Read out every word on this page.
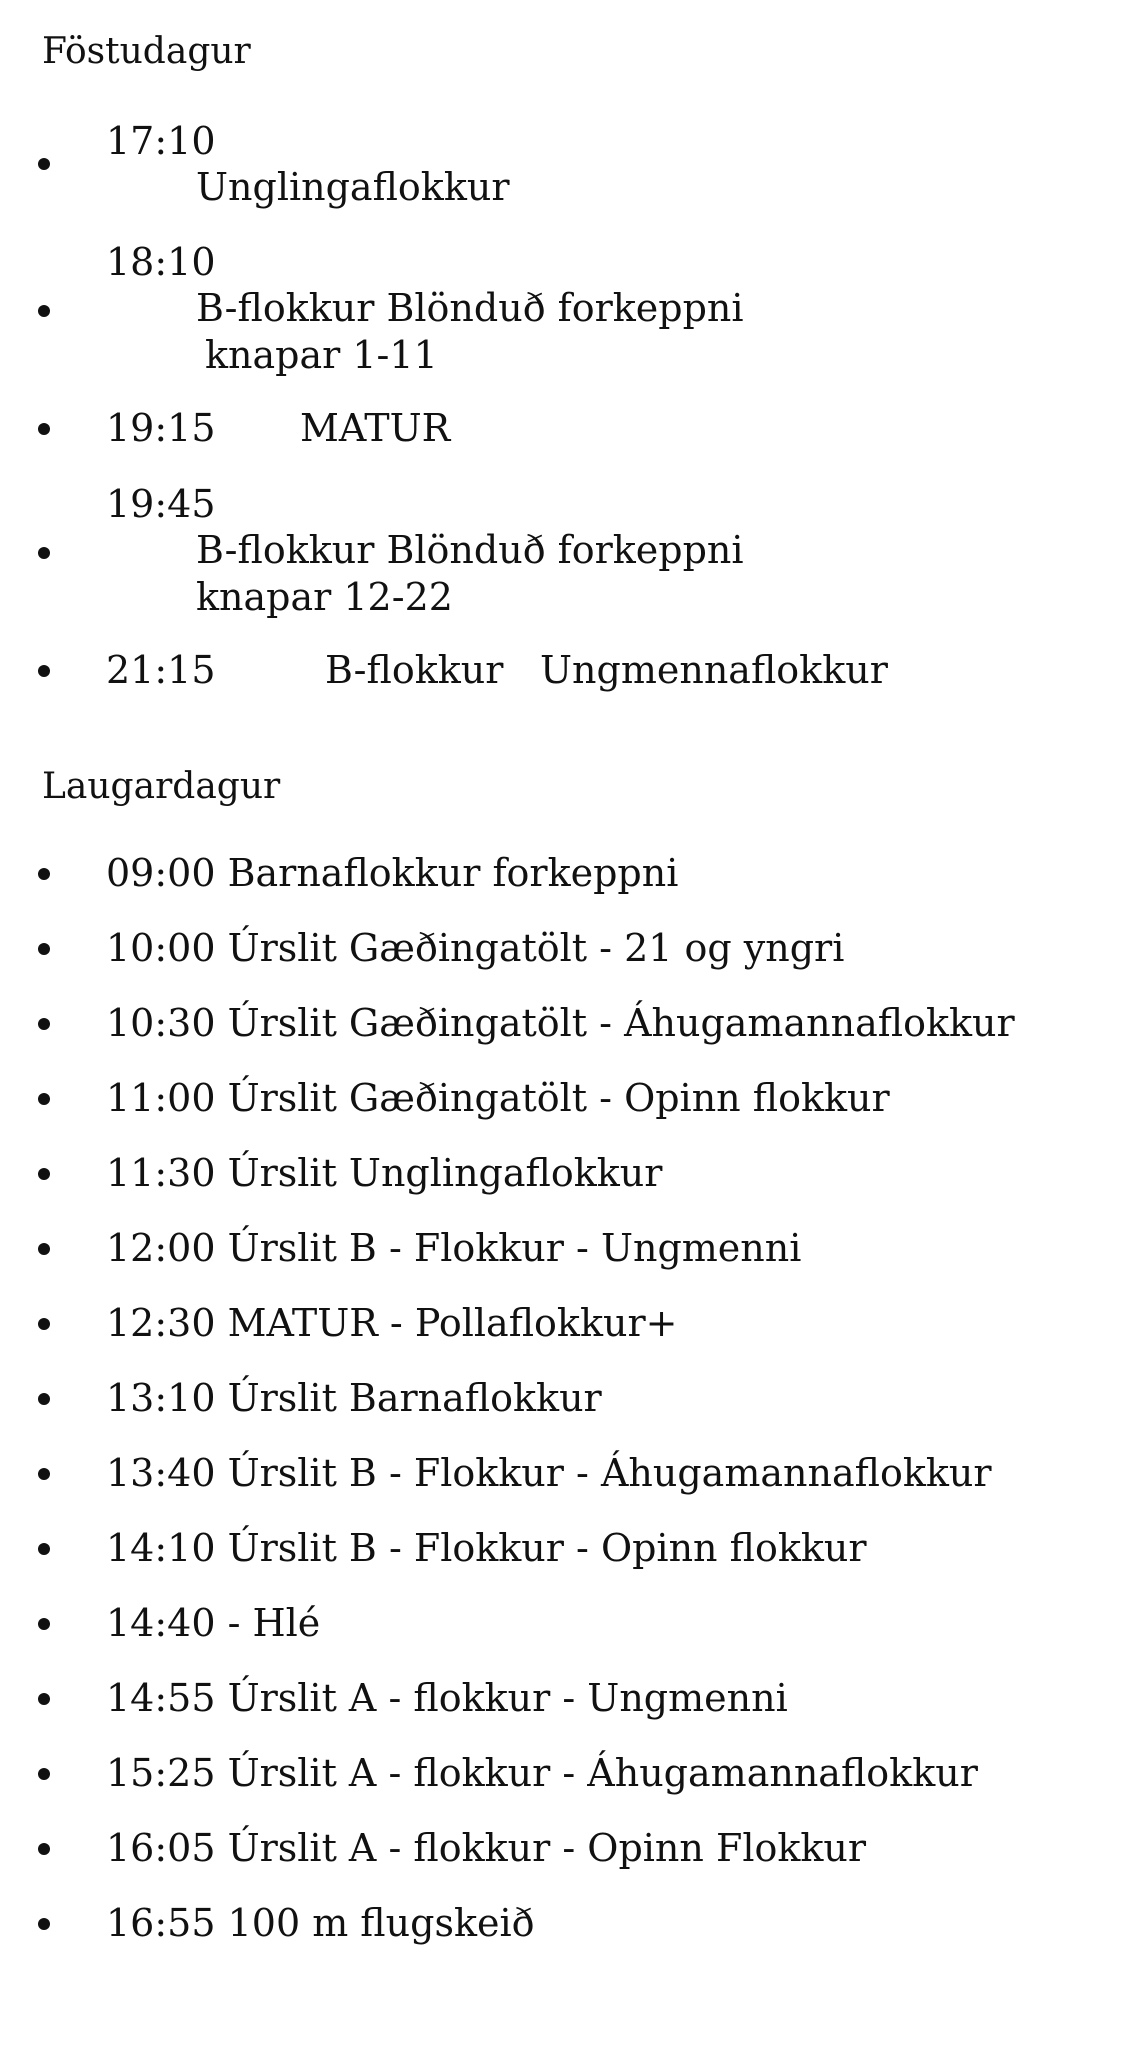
Föstudagur
17:10
Unglingaflokkur
18:10
B-flokkur Blönduð forkeppni
knapar 1-11
19:15 MATUR
19:45
B-flokkur Blönduð forkeppni
knapar 12-22
21:15	B-flokkur Ungmennaflokkur
Laugardagur
09:00 Barnaflokkur forkeppni
10:00 Úrslit Gæðingatölt - 21 og yngri
10:30 Úrslit Gæðingatölt - Áhugamannaflokkur
11:00 Úrslit Gæðingatölt - Opinn flokkur
11:30 Úrslit Unglingaflokkur
12:00 Úrslit B - Flokkur - Ungmenni
12:30 MATUR - Pollaflokkur+
13:10 Úrslit Barnaflokkur
13:40 Úrslit B - Flokkur - Áhugamannaflokkur
14:10 Úrslit B - Flokkur - Opinn flokkur
14:40 - Hlé
14:55 Úrslit A - flokkur - Ungmenni
15:25 Úrslit A - flokkur - Áhugamannaflokkur
16:05 Úrslit A - flokkur - Opinn Flokkur
16:55 100 m flugskeið
